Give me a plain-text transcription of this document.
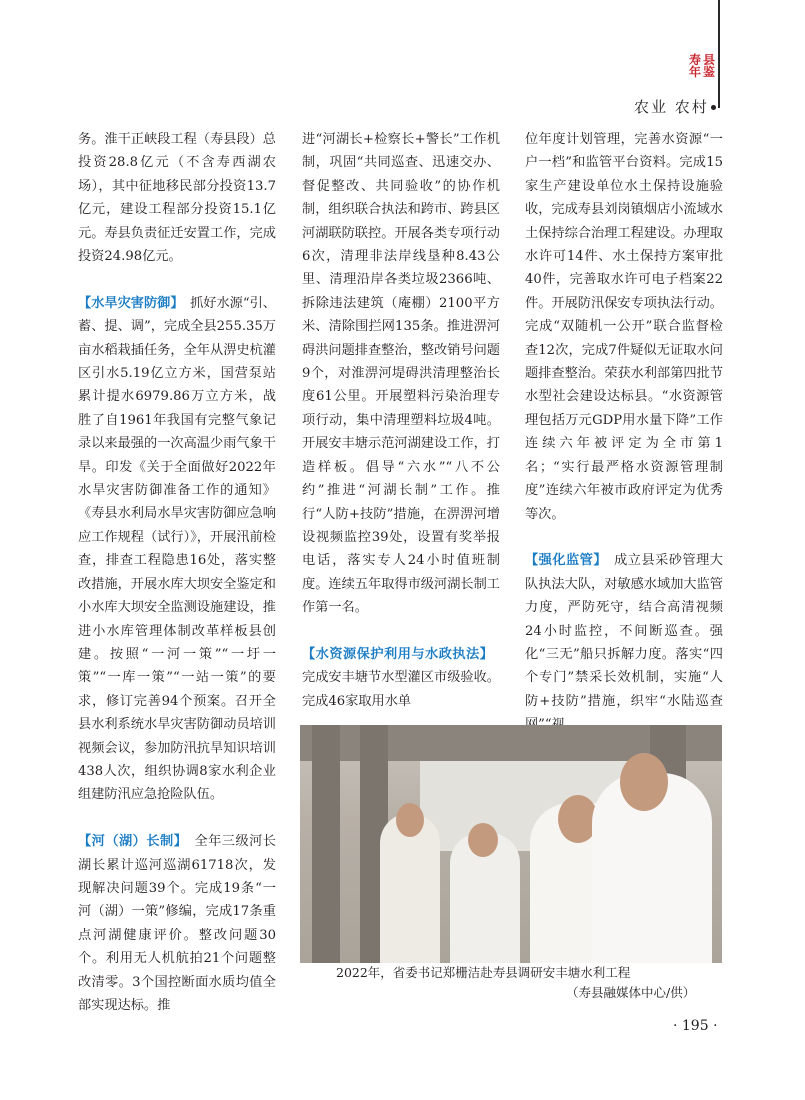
寿 县
年 鉴
农业 农村

务。淮干正峡段工程（寿县段）总投资28.8亿元（不含寿西湖农场），其中征地移民部分投资13.7亿元，建设工程部分投资15.1亿元。寿县负责征迁安置工作，完成投资24.98亿元。

【水旱灾害防御】　抓好水源“引、蓄、提、调”，完成全县255.35万亩水稻栽插任务，全年从淠史杭灌区引水5.19亿立方米，国营泵站累计提水6979.86万立方米，战胜了自1961年我国有完整气象记录以来最强的一次高温少雨气象干旱。印发《关于全面做好2022年水旱灾害防御准备工作的通知》《寿县水利局水旱灾害防御应急响应工作规程（试行）》，开展汛前检查，排查工程隐患16处，落实整改措施，开展水库大坝安全鉴定和小水库大坝安全监测设施建设，推进小水库管理体制改革样板县创建。按照“一河一策”“一圩一策”“一库一策”“一站一策”的要求，修订完善94个预案。召开全县水利系统水旱灾害防御动员培训视频会议，参加防汛抗旱知识培训438人次，组织协调8家水利企业组建防汛应急抢险队伍。

【河（湖）长制】　全年三级河长湖长累计巡河巡湖61718次，发现解决问题39个。完成19条“一河（湖）一策”修编，完成17条重点河湖健康评价。整改问题30个。利用无人机航拍21个问题整改清零。3个国控断面水质均值全部实现达标。推

进“河湖长+检察长+警长”工作机制，巩固“共同巡查、迅速交办、督促整改、共同验收”的协作机制，组织联合执法和跨市、跨县区河湖联防联控。开展各类专项行动6次，清理非法岸线垦种8.43公里、清理沿岸各类垃圾2366吨、拆除违法建筑（庵棚）2100平方米、清除围拦网135条。推进淠河碍洪问题排查整治，整改销号问题9个，对淮淠河堤碍洪清理整治长度61公里。开展塑料污染治理专项行动，集中清理塑料垃圾4吨。开展安丰塘示范河湖建设工作，打造样板。倡导“六水”“八不公约”推进“河湖长制”工作。推行“人防+技防”措施，在淠淠河增设视频监控39处，设置有奖举报电话，落实专人24小时值班制度。连续五年取得市级河湖长制工作第一名。

【水资源保护利用与水政执法】　完成安丰塘节水型灌区市级验收。完成46家取用水单

位年度计划管理，完善水资源“一户一档”和监管平台资料。完成15家生产建设单位水土保持设施验收，完成寿县刘岗镇烟店小流域水土保持综合治理工程建设。办理取水许可14件、水土保持方案审批40件，完善取水许可电子档案22件。开展防汛保安专项执法行动。完成“双随机一公开”联合监督检查12次，完成7件疑似无证取水问题排查整治。荣获水利部第四批节水型社会建设达标县。“水资源管理包括万元GDP用水量下降”工作连续六年被评定为全市第1名；“实行最严格水资源管理制度”连续六年被市政府评定为优秀等次。

【强化监管】　成立县采砂管理大队执法大队，对敏感水域加大监管力度，严防死守，结合高清视频24小时监控，不间断巡查。强化“三无”船只拆解力度。落实“四个专门”禁采长效机制，实施“人防+技防”措施，织牢“水陆巡查

2022年，省委书记郑栅洁赴寿县调研安丰塘水利工程
（寿县融媒体中心/供）
· 195 ·
